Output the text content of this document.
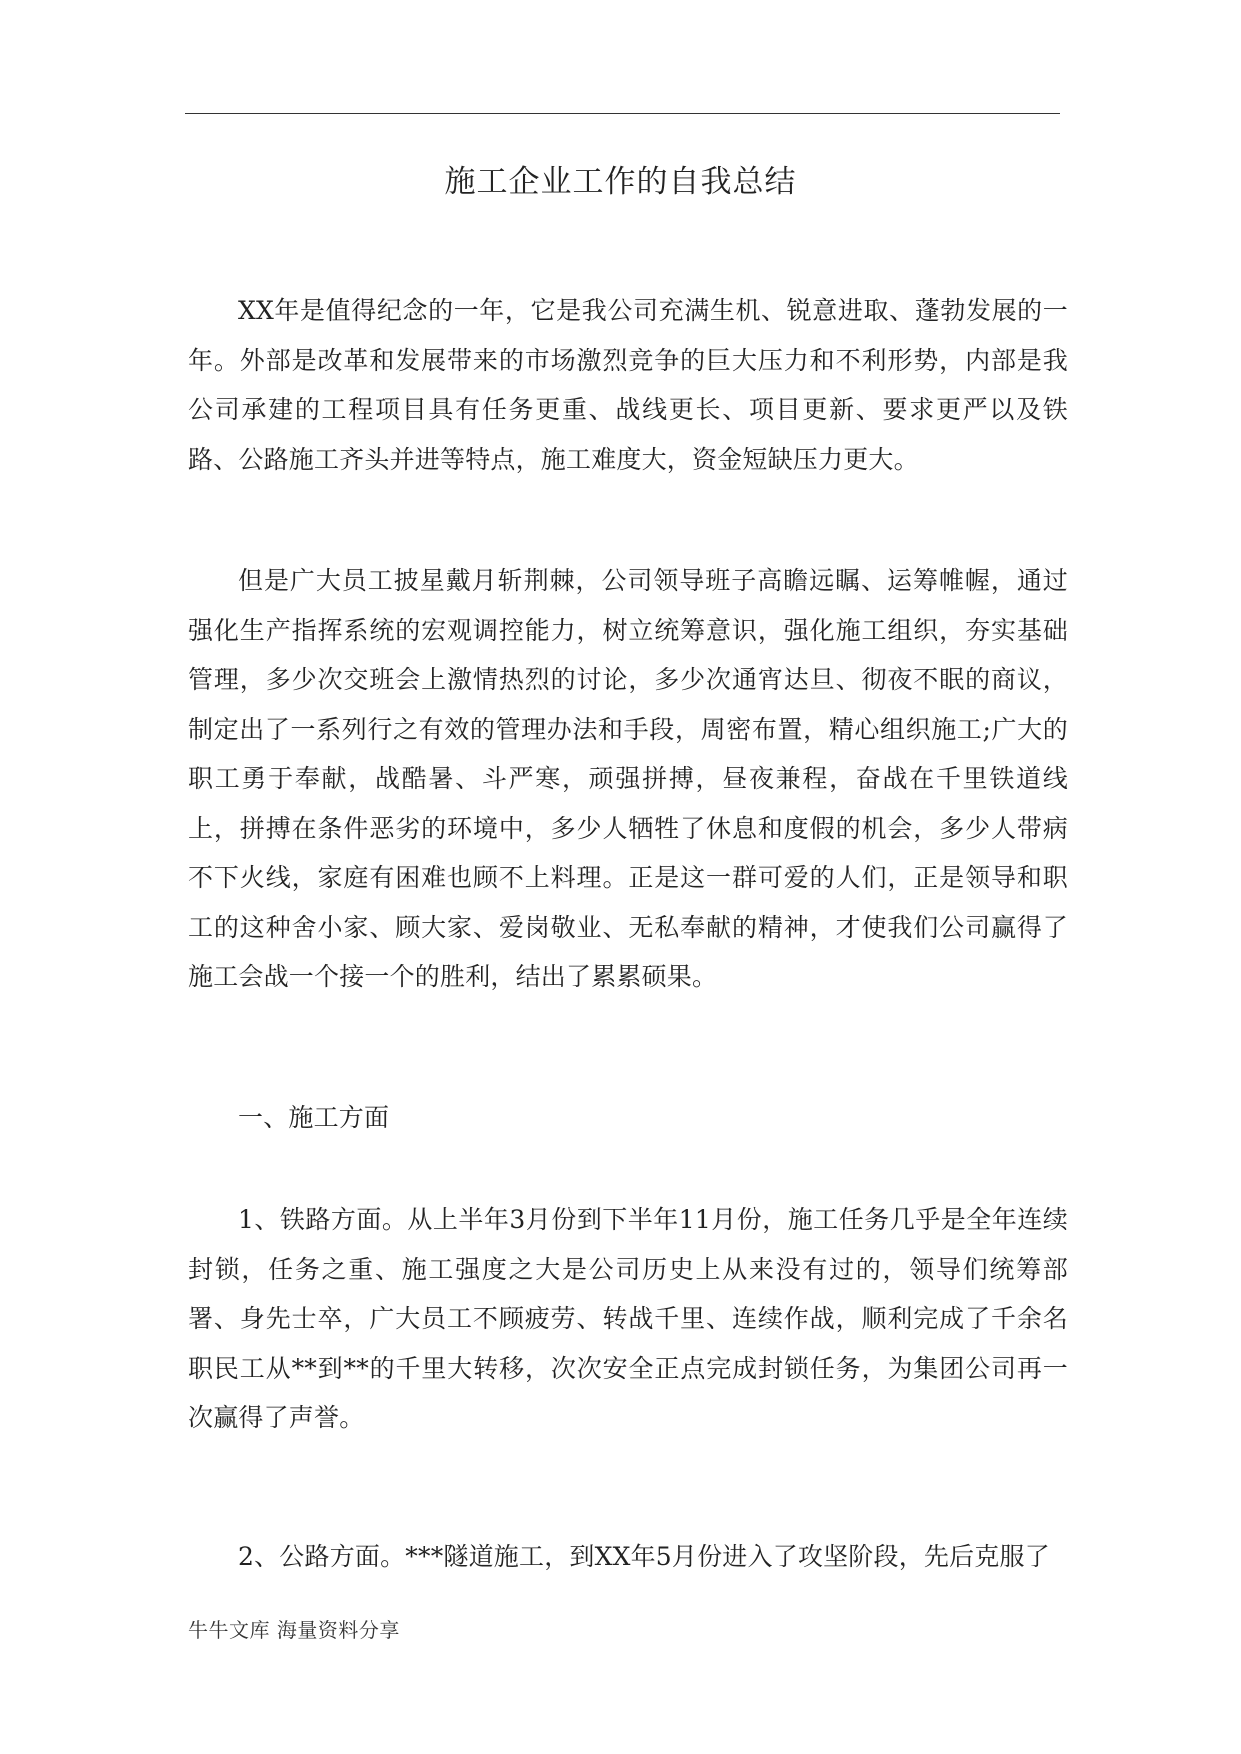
施工企业工作的自我总结

XX年是值得纪念的一年，它是我公司充满生机、锐意进取、蓬勃发展的一年。外部是改革和发展带来的市场激烈竞争的巨大压力和不利形势，内部是我公司承建的工程项目具有任务更重、战线更长、项目更新、要求更严以及铁路、公路施工齐头并进等特点，施工难度大，资金短缺压力更大。

但是广大员工披星戴月斩荆棘，公司领导班子高瞻远瞩、运筹帷幄，通过强化生产指挥系统的宏观调控能力，树立统筹意识，强化施工组织，夯实基础管理，多少次交班会上激情热烈的讨论，多少次通宵达旦、彻夜不眠的商议，制定出了一系列行之有效的管理办法和手段，周密布置，精心组织施工;广大的职工勇于奉献，战酷暑、斗严寒，顽强拼搏，昼夜兼程，奋战在千里铁道线上，拼搏在条件恶劣的环境中，多少人牺牲了休息和度假的机会，多少人带病不下火线，家庭有困难也顾不上料理。正是这一群可爱的人们，正是领导和职工的这种舍小家、顾大家、爱岗敬业、无私奉献的精神，才使我们公司赢得了施工会战一个接一个的胜利，结出了累累硕果。

一、施工方面

1、铁路方面。从上半年3月份到下半年11月份，施工任务几乎是全年连续封锁，任务之重、施工强度之大是公司历史上从来没有过的，领导们统筹部署、身先士卒，广大员工不顾疲劳、转战千里、连续作战，顺利完成了千余名职民工从**到**的千里大转移，次次安全正点完成封锁任务，为集团公司再一次赢得了声誉。

2、公路方面。***隧道施工，到XX年5月份进入了攻坚阶段，先后克服了

牛牛文库 海量资料分享
